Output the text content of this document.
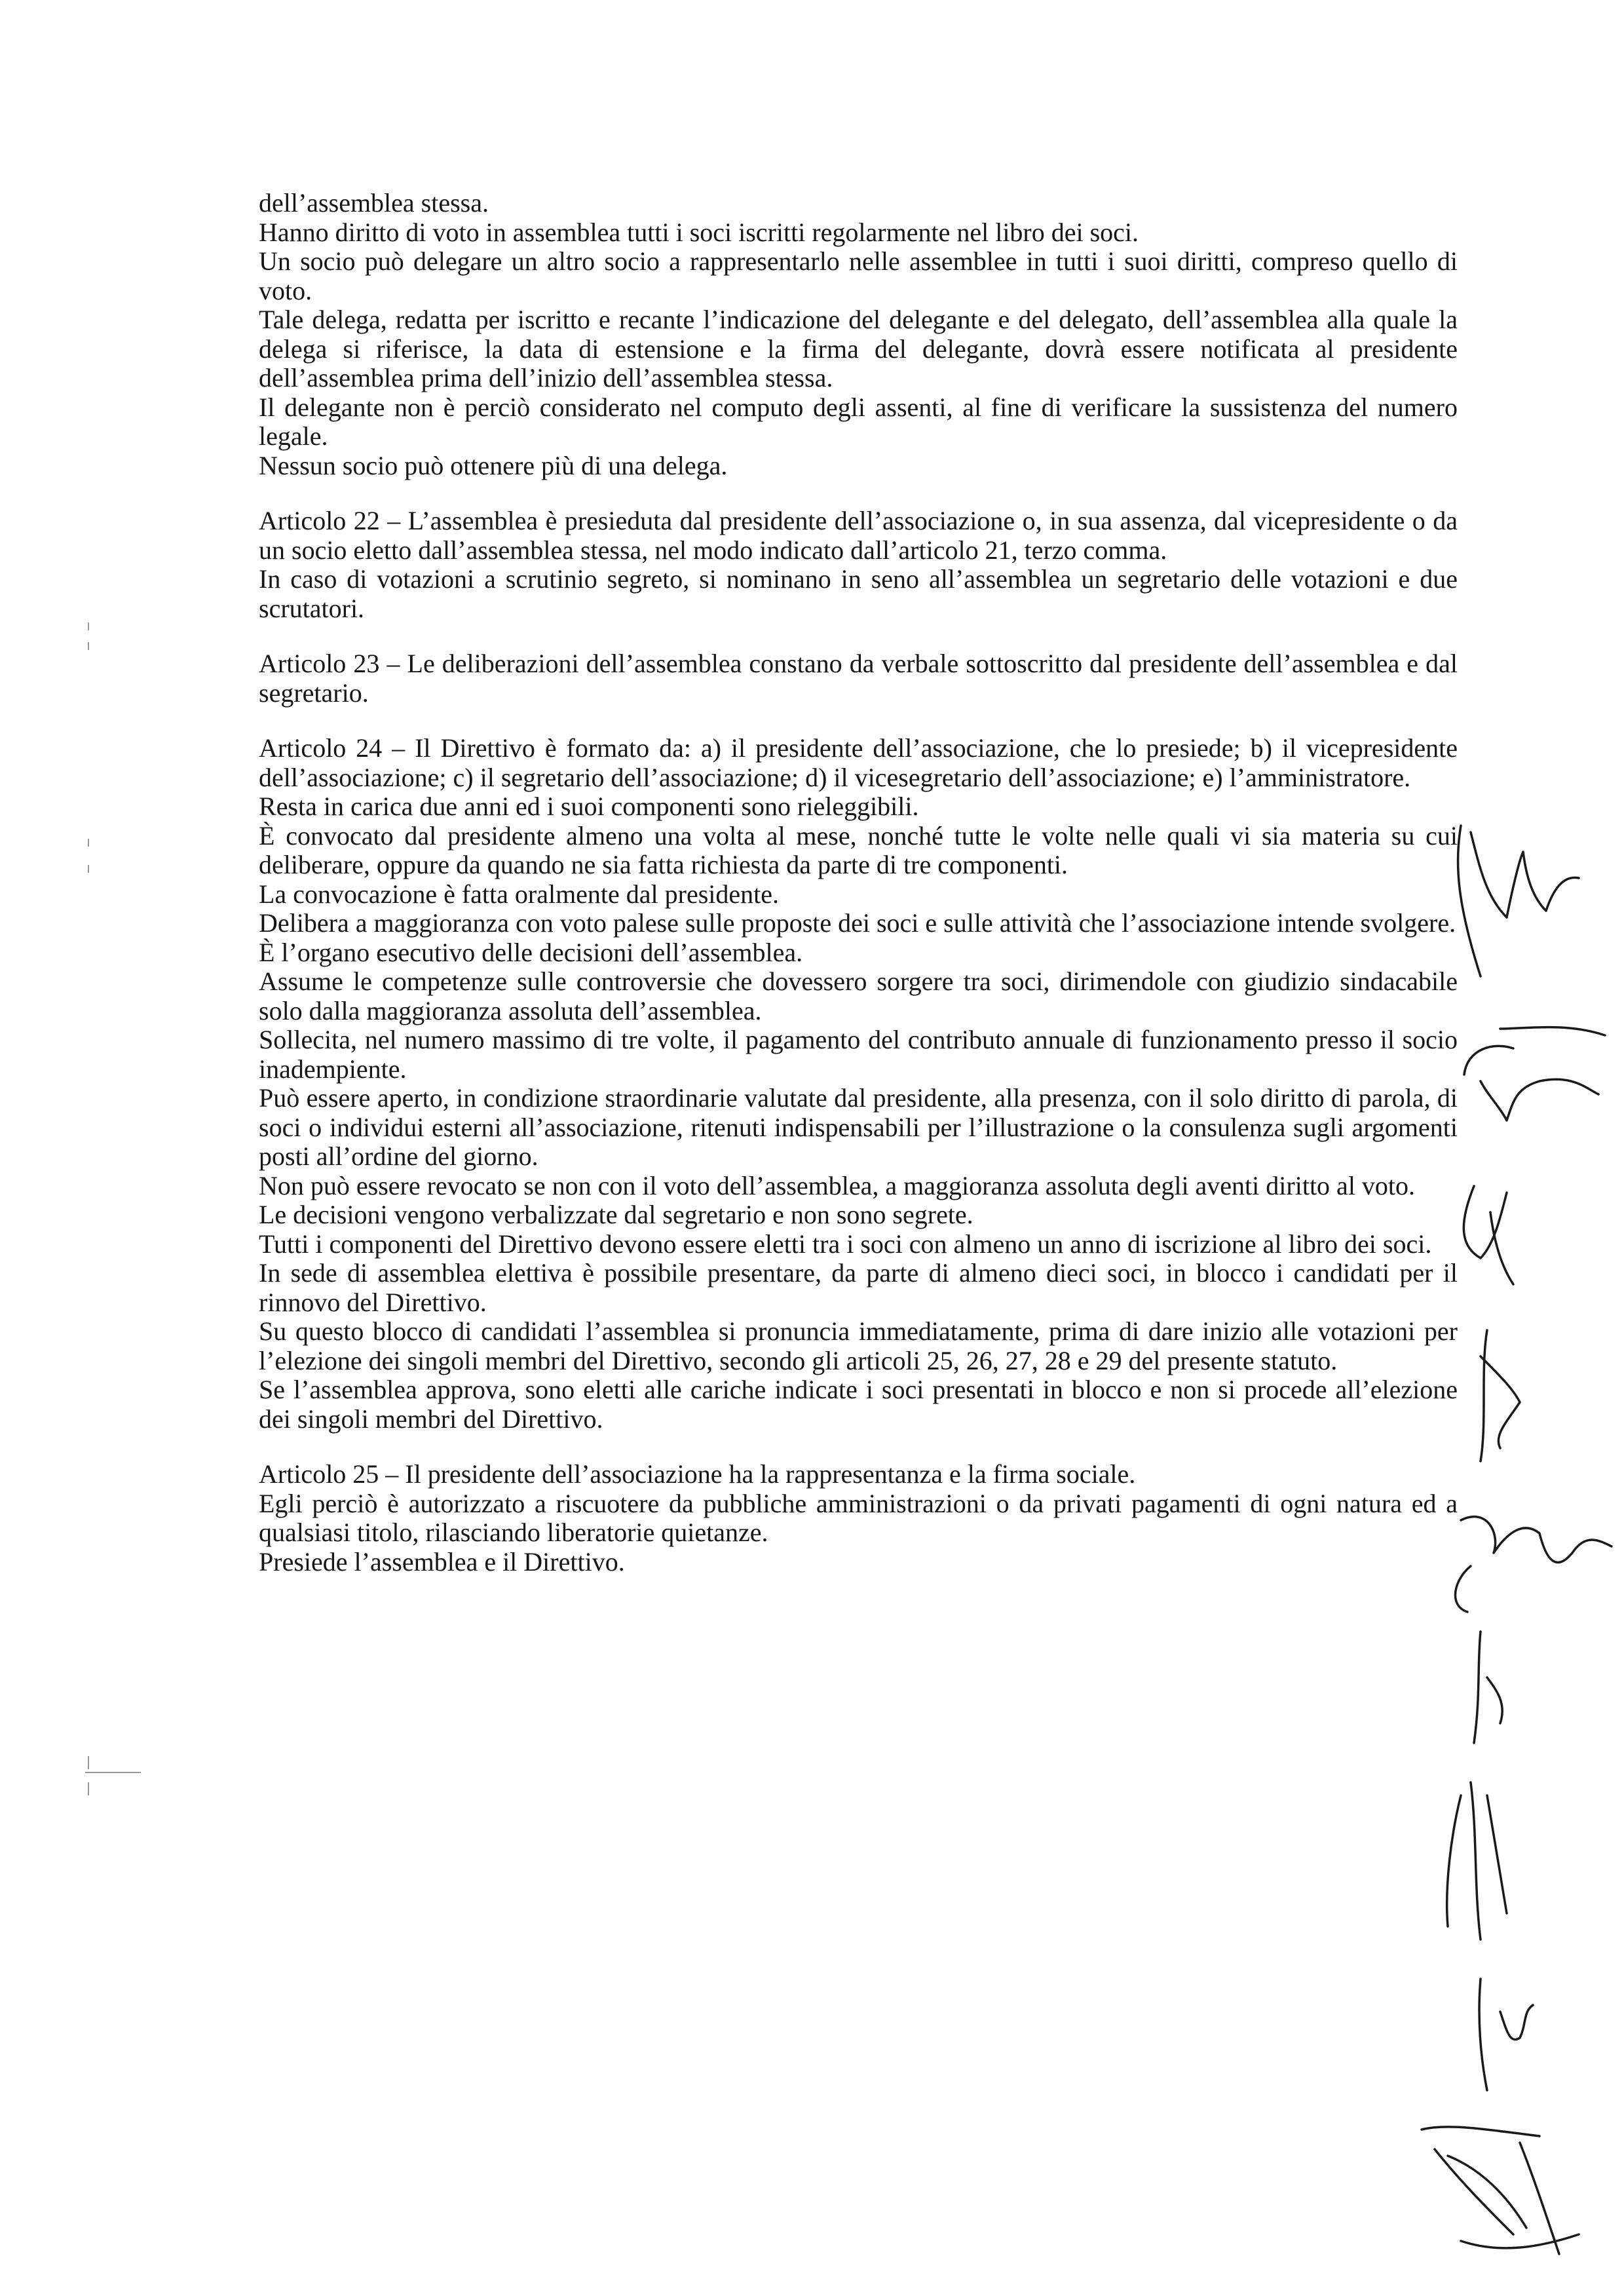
dell’assemblea stessa.

Hanno diritto di voto in assemblea tutti i soci iscritti regolarmente nel libro dei soci.

Un socio può delegare un altro socio a rappresentarlo nelle assemblee in tutti i suoi diritti, compreso quello di voto.

Tale delega, redatta per iscritto e recante l’indicazione del delegante e del delegato, dell’assemblea alla quale la delega si riferisce, la data di estensione e la firma del delegante, dovrà essere notificata al presidente dell’assemblea prima dell’inizio dell’assemblea stessa.

Il delegante non è perciò considerato nel computo degli assenti, al fine di verificare la sussistenza del numero legale.

Nessun socio può ottenere più di una delega.

Articolo 22 – L’assemblea è presieduta dal presidente dell’associazione o, in sua assenza, dal vicepresidente o da un socio eletto dall’assemblea stessa, nel modo indicato dall’articolo 21, terzo comma.

In caso di votazioni a scrutinio segreto, si nominano in seno all’assemblea un segretario delle votazioni e due scrutatori.

Articolo 23 – Le deliberazioni dell’assemblea constano da verbale sottoscritto dal presidente dell’assemblea e dal segretario.

Articolo 24 – Il Direttivo è formato da: a) il presidente dell’associazione, che lo presiede; b) il vicepresidente dell’associazione; c) il segretario dell’associazione; d) il vicesegretario dell’associazione; e) l’amministratore.

Resta in carica due anni ed i suoi componenti sono rieleggibili.

È convocato dal presidente almeno una volta al mese, nonché tutte le volte nelle quali vi sia materia su cui deliberare, oppure da quando ne sia fatta richiesta da parte di tre componenti.

La convocazione è fatta oralmente dal presidente.

Delibera a maggioranza con voto palese sulle proposte dei soci e sulle attività che l’associazione intende svolgere.

È l’organo esecutivo delle decisioni dell’assemblea.

Assume le competenze sulle controversie che dovessero sorgere tra soci, dirimendole con giudizio sindacabile solo dalla maggioranza assoluta dell’assemblea.

Sollecita, nel numero massimo di tre volte, il pagamento del contributo annuale di funzionamento presso il socio inadempiente.

Può essere aperto, in condizione straordinarie valutate dal presidente, alla presenza, con il solo diritto di parola, di soci o individui esterni all’associazione, ritenuti indispensabili per l’illustrazione o la consulenza sugli argomenti posti all’ordine del giorno.

Non può essere revocato se non con il voto dell’assemblea, a maggioranza assoluta degli aventi diritto al voto.

Le decisioni vengono verbalizzate dal segretario e non sono segrete.

Tutti i componenti del Direttivo devono essere eletti tra i soci con almeno un anno di iscrizione al libro dei soci.

In sede di assemblea elettiva è possibile presentare, da parte di almeno dieci soci, in blocco i candidati per il rinnovo del Direttivo.

Su questo blocco di candidati l’assemblea si pronuncia immediatamente, prima di dare inizio alle votazioni per l’elezione dei singoli membri del Direttivo, secondo gli articoli 25, 26, 27, 28 e 29 del presente statuto.

Se l’assemblea approva, sono eletti alle cariche indicate i soci presentati in blocco e non si procede all’elezione dei singoli membri del Direttivo.

Articolo 25 – Il presidente dell’associazione ha la rappresentanza e la firma sociale.

Egli perciò è autorizzato a riscuotere da pubbliche amministrazioni o da privati pagamenti di ogni natura ed a qualsiasi titolo, rilasciando liberatorie quietanze.

Presiede l’assemblea e il Direttivo.
